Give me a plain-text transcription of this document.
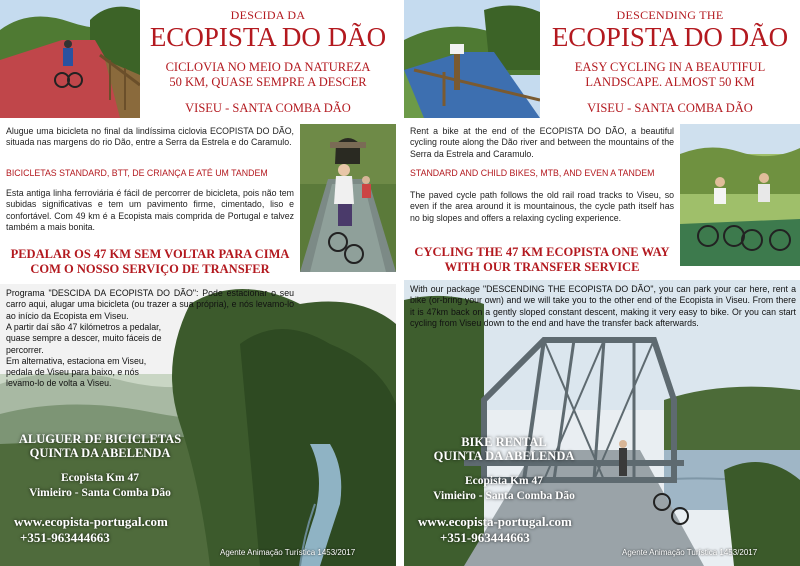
DESCIDA DA
ECOPISTA DO DÃO
CICLOVIA NO MEIO DA NATUREZA
50 KM, QUASE SEMPRE A DESCER
VISEU - SANTA COMBA DÃO
Alugue uma bicicleta no final da lindíssima ciclovia ECOPISTA DO DÃO, situada nas margens do rio Dão, entre a Serra da Estrela e do Caramulo.
BICICLETAS STANDARD, BTT, DE CRIANÇA E ATÉ UM TANDEM
Esta antiga linha ferroviária é fácil de percorrer de bicicleta, pois não tem subidas significativas e tem um pavimento firme, cimentado, liso e confortável. Com 49 km é a Ecopista mais comprida de Portugal e talvez também a mais bonita.
PEDALAR OS 47 KM SEM VOLTAR PARA CIMA
COM O NOSSO SERVIÇO DE TRANSFER
Programa "DESCIDA DA ECOPISTA DO DÃO": Pode estacionar o seu carro aqui, alugar uma bicicleta (ou trazer a sua própria), e nós levamo-lo ao início da Ecopista em Viseu.
A partir daí são 47 kilómetros a pedalar, quase sempre a descer, muito fáceis de percorrer.
Em alternativa, estaciona em Viseu, pedala de Viseu para baixo, e nós levamo-lo de volta a Viseu.
ALUGUER DE BICICLETAS
QUINTA DA ABELENDA
Ecopista Km 47
Vimieiro - Santa Comba Dão
www.ecopista-portugal.com
+351-963444663
Agente Animação Turística 1453/2017
DESCENDING THE
ECOPISTA DO DÃO
EASY CYCLING IN A BEAUTIFUL
LANDSCAPE. ALMOST 50 KM
VISEU - SANTA COMBA DÃO
Rent a bike at the end of the ECOPISTA DO DÃO, a beautiful cycling route along the Dão river and between the mountains of the Serra da Estrela and Caramulo.
STANDARD AND CHILD BIKES, MTB, AND EVEN A TANDEM
The paved cycle path follows the old rail road tracks to Viseu, so even if the area around it is mountainous, the cycle path itself has no big slopes and offers a relaxing cycling experience.
CYCLING THE 47 KM ECOPISTA ONE WAY
WITH OUR TRANSFER SERVICE
With our package "DESCENDING THE ECOPISTA DO DÃO", you can park your car here, rent a bike (or-bring your own) and we will take you to the other end of the Ecopista in Viseu. From there it is 47km back on a gently sloped constant descent, making it very easy to bike. Or you can start cycling from Viseu down to the end and have the transfer back afterwards.
BIKE RENTAL
QUINTA DA ABELENDA
Ecopista Km 47
Vimieiro - Santa Comba Dão
www.ecopista-portugal.com
+351-963444663
Agente Animação Turística 1453/2017
